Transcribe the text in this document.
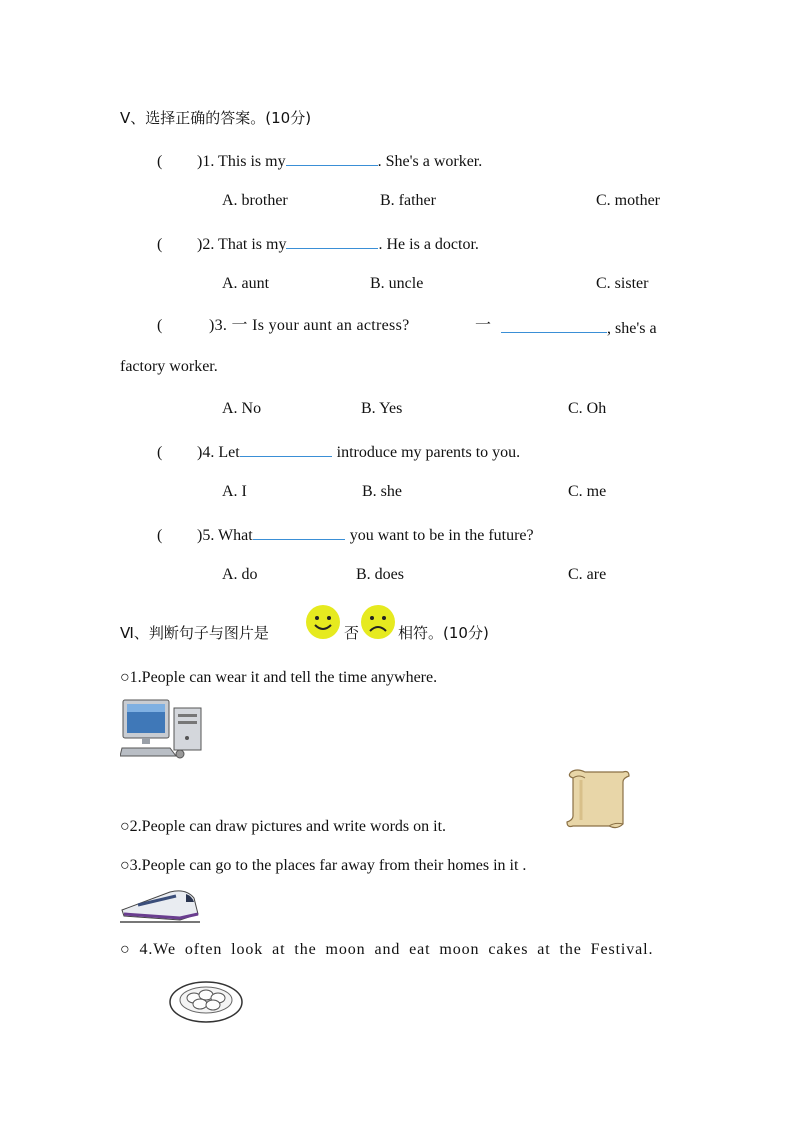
Ⅴ、选择正确的答案。(10分)
( )1. This is my	. She's a worker.
A. brother	B. father	C. mother
( )2. That is my	. He is a doctor.
A. aunt	B. uncle	C. sister
(	)3. 一 Is your aunt an actress?	一	, she's a
factory worker.
A. No	B. Yes	C. Oh
( )4. Let	introduce my parents to you.
A. I	B. she	C. me
( )5. What	you want to be in the future?
A. do	B. does	C. are
Ⅵ、判断句子与图片是	否	相符。(10分)
○1.People can wear it and tell the time anywhere.
○2.People can draw pictures and write words on it.
○3.People can go to the places far away from their homes in it .
○ 4.We often look at the moon and eat moon cakes at the Festival.
